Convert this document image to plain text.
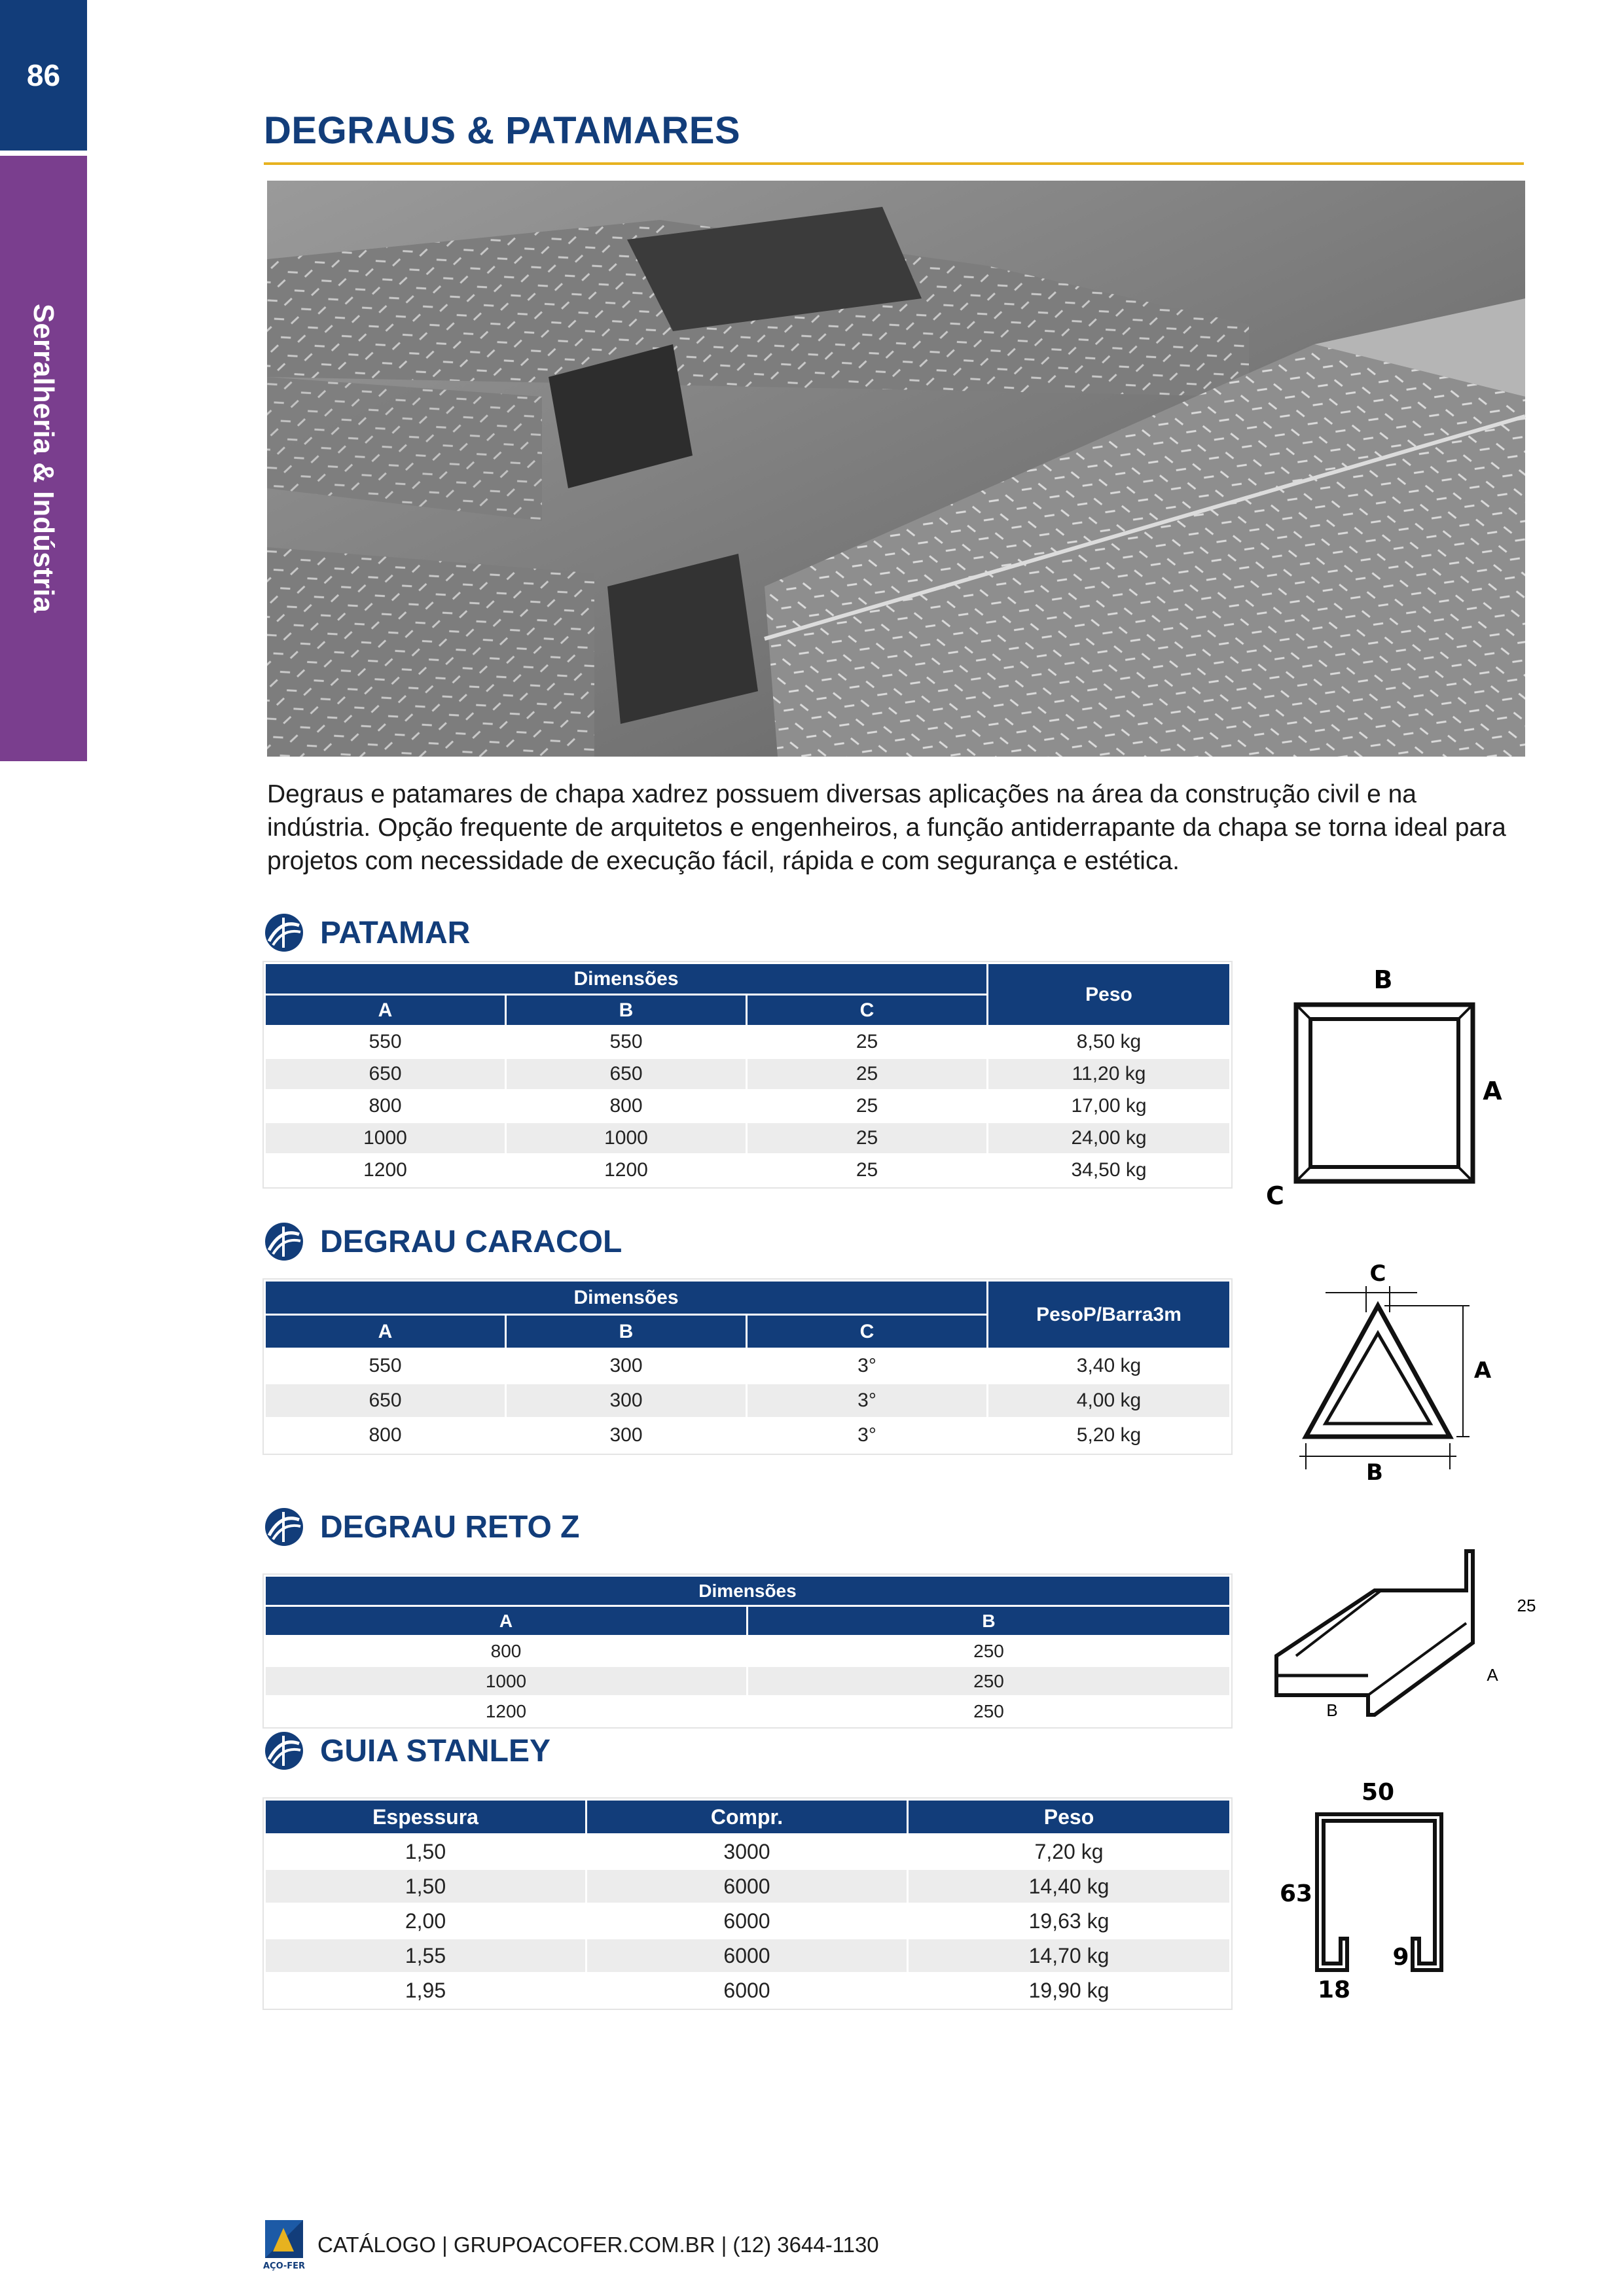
86
Serralheria & Indústria
DEGRAUS & PATAMARES
Degraus e patamares de chapa xadrez possuem diversas aplicações na área da construção civil e na indústria. Opção frequente de arquitetos e engenheiros, a função antiderrapante da chapa se torna ideal para projetos com necessidade de execução fácil, rápida e com segurança e estética.
PATAMAR
Dimensões			Peso
A	B	C	
550	550	25	8,50 kg
650	650	25	11,20 kg
800	800	25	17,00 kg
1000	1000	25	24,00 kg
1200	1200	25	34,50 kg
B
A
C
DEGRAU CARACOL
Dimensões			PesoP/Barra3m
A	B	C	
550	300	3°	3,40 kg
650	300	3°	4,00 kg
800	300	3°	5,20 kg
C
A
B
DEGRAU RETO Z
Dimensões	
A	B
800	250
1000	250
1200	250
25
A
B
GUIA STANLEY
Espessura	Compr.	Peso
1,50	3000	7,20 kg
1,50	6000	14,40 kg
2,00	6000	19,63 kg
1,55	6000	14,70 kg
1,95	6000	19,90 kg
50
63
9
18
AÇO-FER
CATÁLOGO | GRUPOACOFER.COM.BR | (12) 3644-1130
